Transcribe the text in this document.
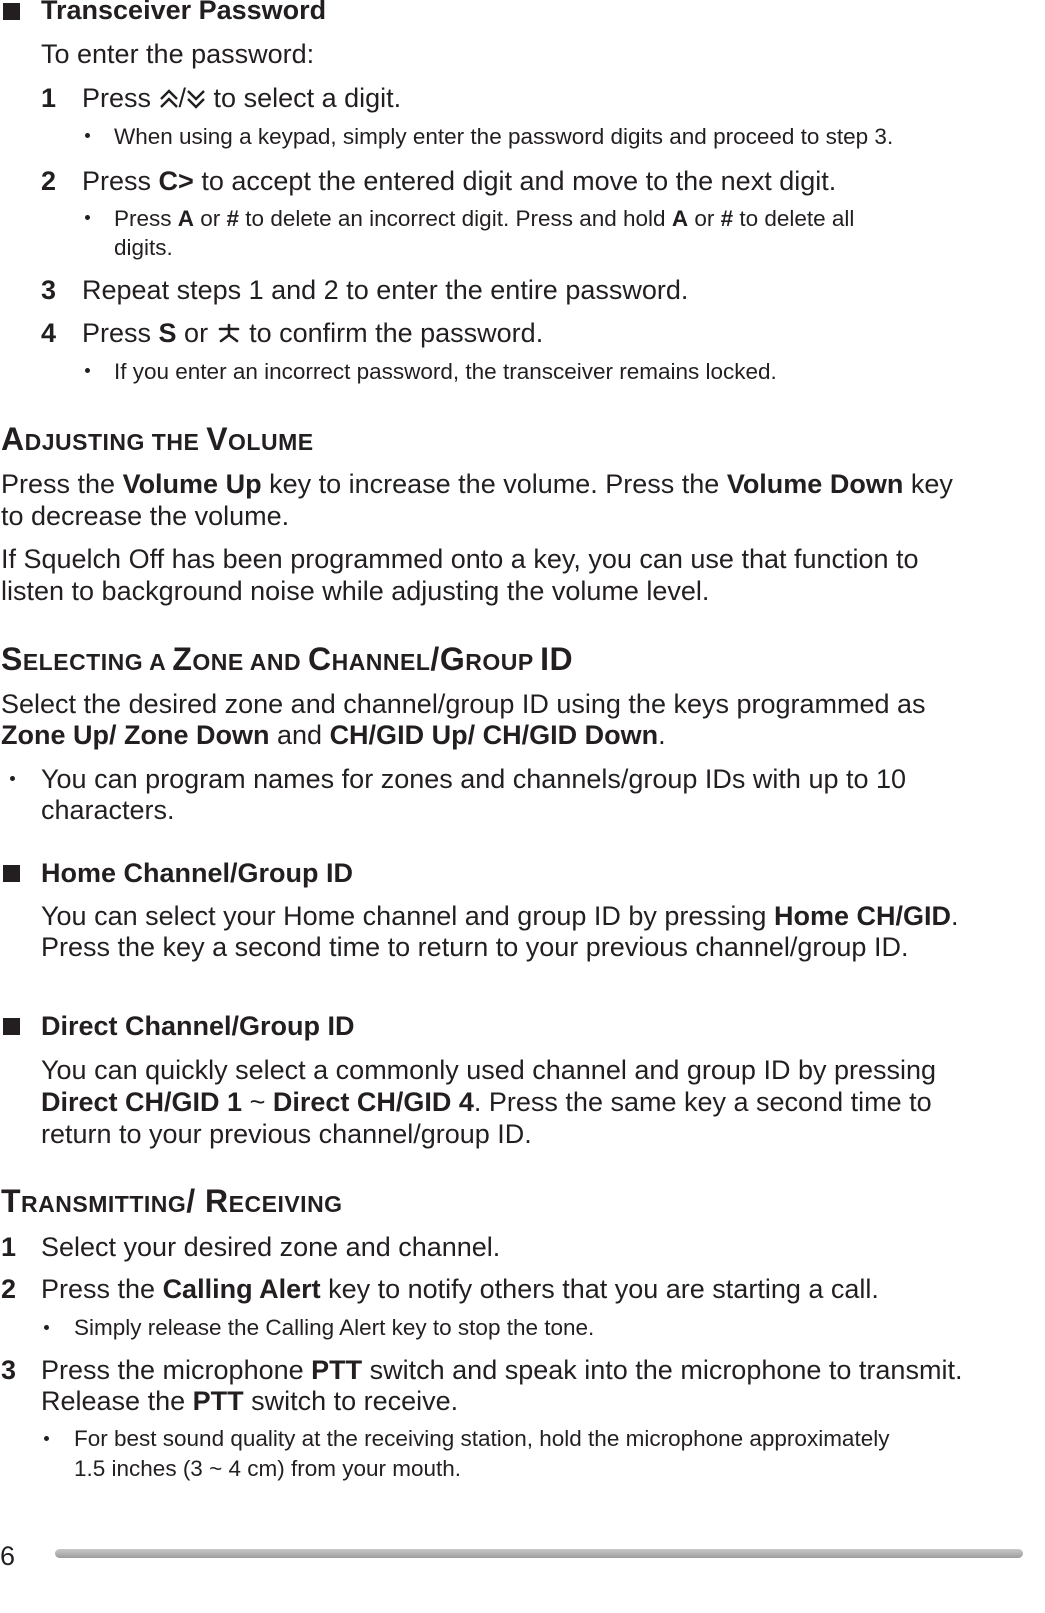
Transceiver Password
To enter the password:
1 Press / to select a digit.
When using a keypad, simply enter the password digits and proceed to step 3.
2 Press C> to accept the entered digit and move to the next digit.
Press A or # to delete an incorrect digit. Press and hold A or # to delete all
digits.
3 Repeat steps 1 and 2 to enter the entire password.
4 Press S or  to confirm the password.
If you enter an incorrect password, the transceiver remains locked.
ADJUSTING THE VOLUME
Press the Volume Up key to increase the volume. Press the Volume Down key
to decrease the volume.
If Squelch Off has been programmed onto a key, you can use that function to
listen to background noise while adjusting the volume level.
SELECTING A ZONE AND CHANNEL/GROUP ID
Select the desired zone and channel/group ID using the keys programmed as
Zone Up/ Zone Down and CH/GID Up/ CH/GID Down.
You can program names for zones and channels/group IDs with up to 10
characters.
Home Channel/Group ID
You can select your Home channel and group ID by pressing Home CH/GID.
Press the key a second time to return to your previous channel/group ID.
Direct Channel/Group ID
You can quickly select a commonly used channel and group ID by pressing
Direct CH/GID 1 ~ Direct CH/GID 4. Press the same key a second time to
return to your previous channel/group ID.
TRANSMITTING/ RECEIVING
1 Select your desired zone and channel.
2 Press the Calling Alert key to notify others that you are starting a call.
Simply release the Calling Alert key to stop the tone.
3 Press the microphone PTT switch and speak into the microphone to transmit.
Release the PTT switch to receive.
For best sound quality at the receiving station, hold the microphone approximately
1.5 inches (3 ~ 4 cm) from your mouth.
6
